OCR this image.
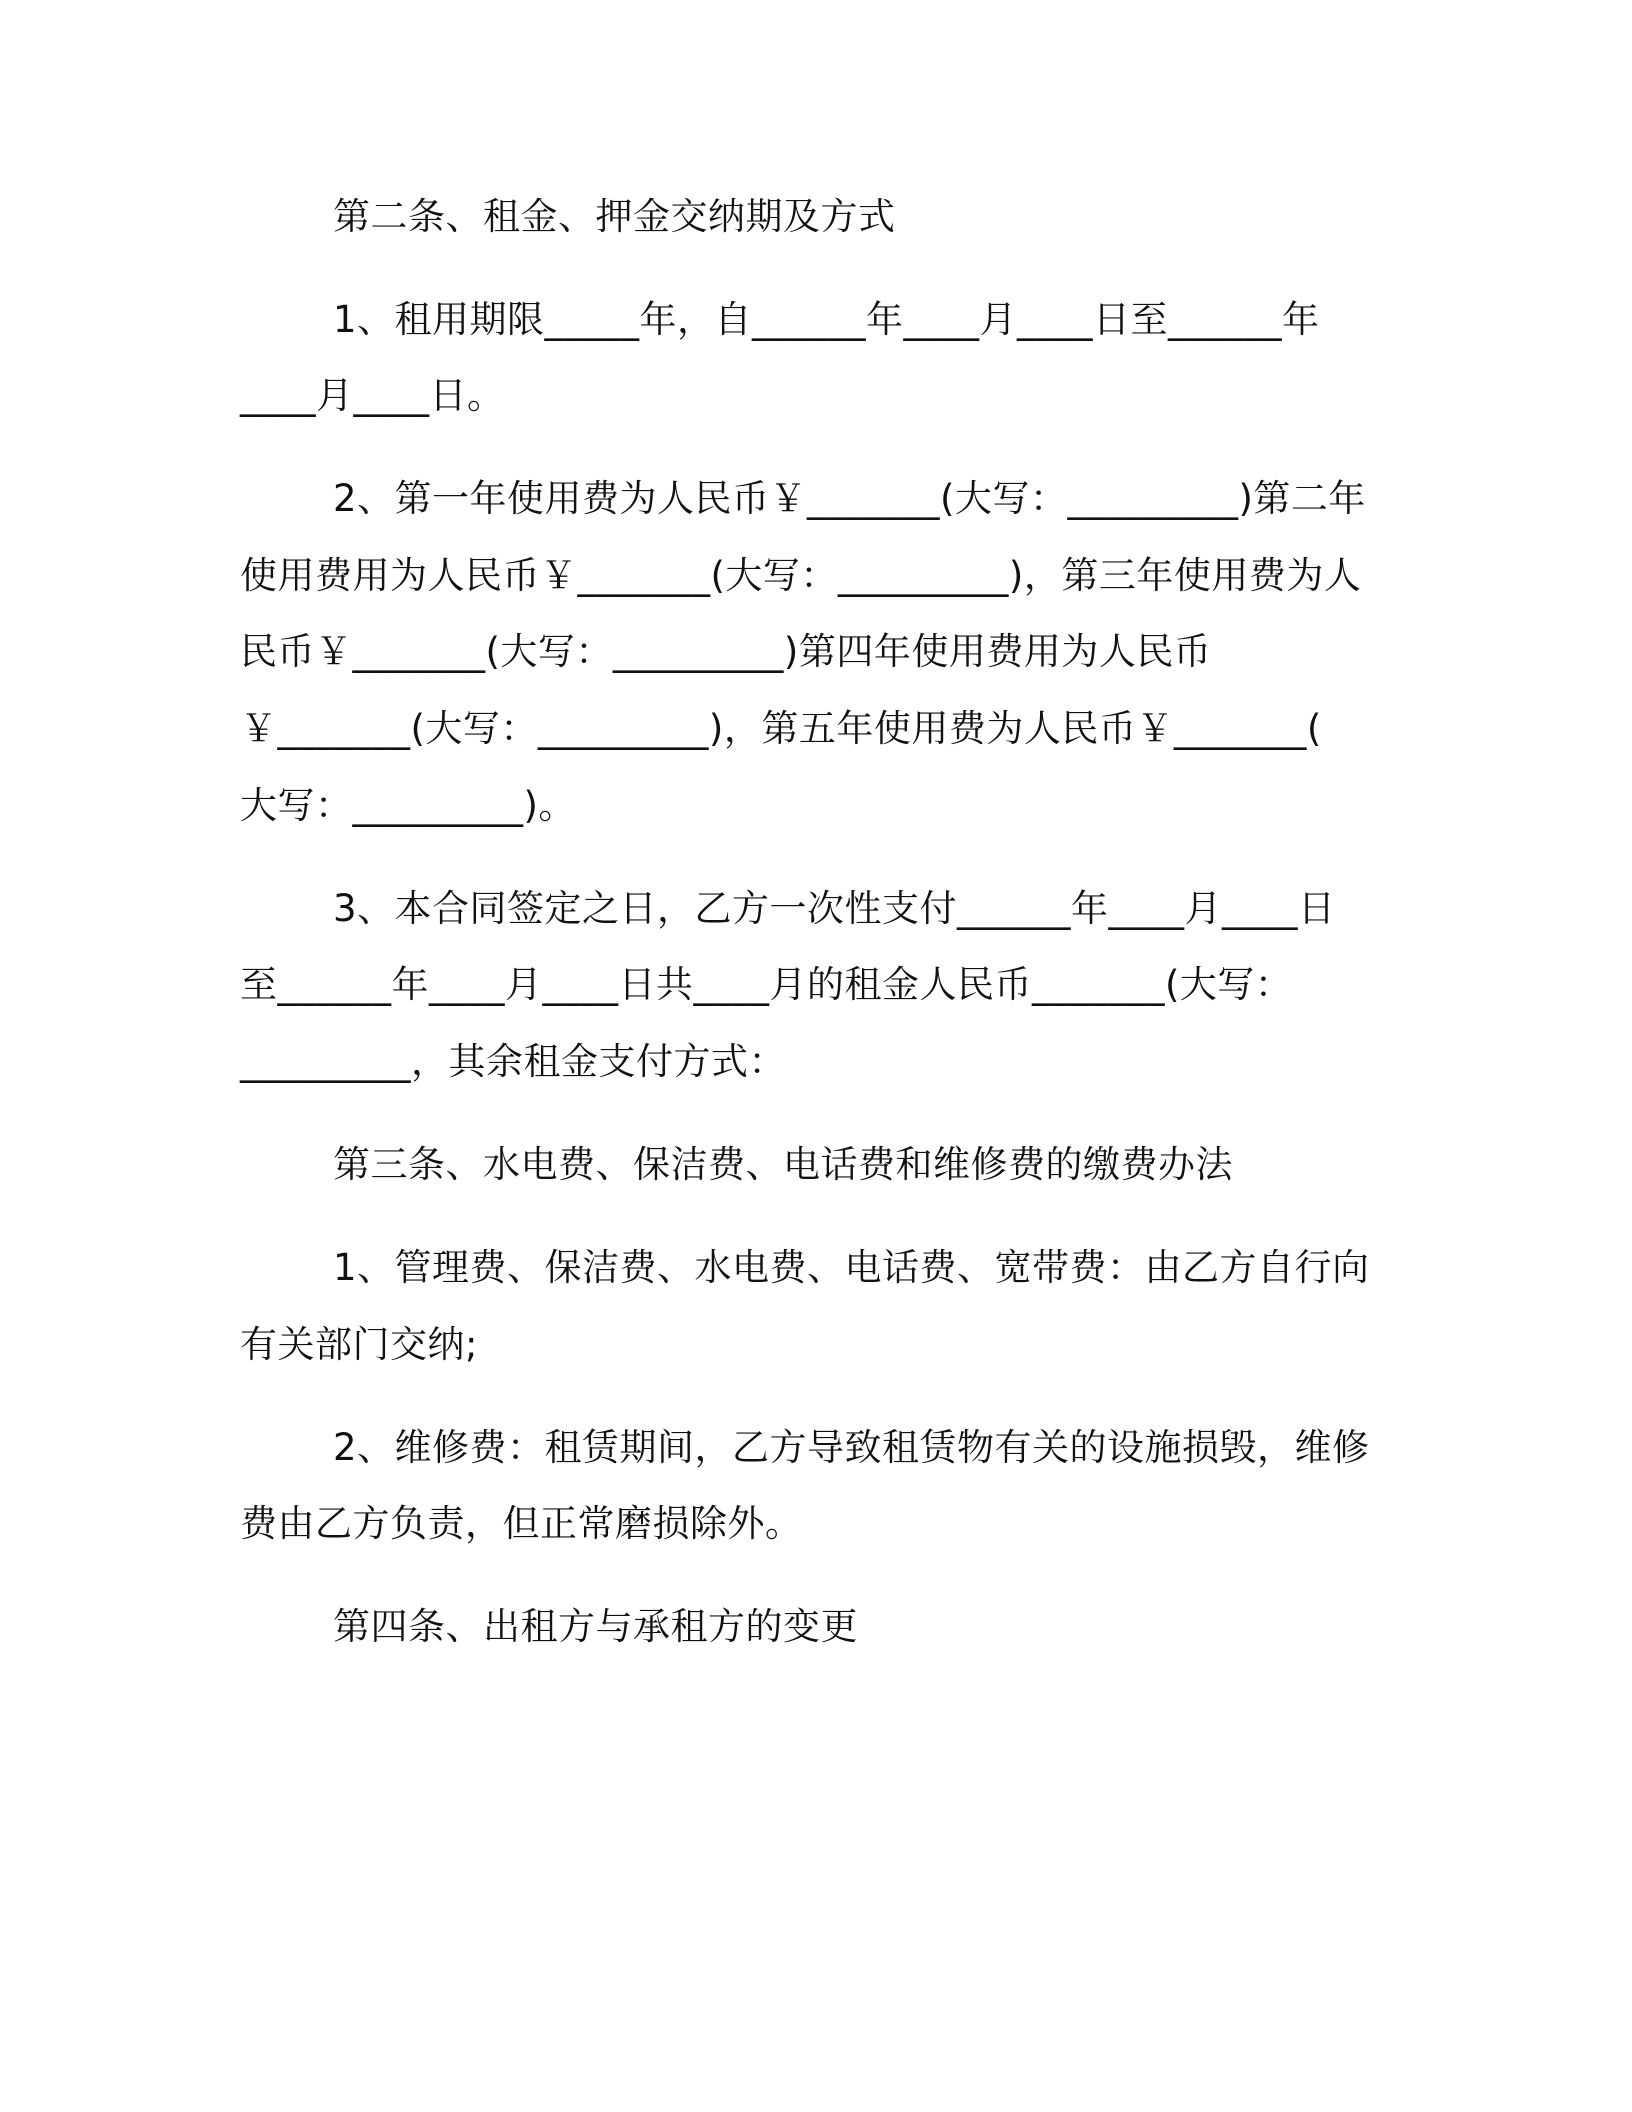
第二条、租金、押金交纳期及方式
1、租用期限_____年，自______年____月____日至______年
____月____日。
2、第一年使用费为人民币￥_______(大写：_________)第二年
使用费用为人民币￥_______(大写：_________)，第三年使用费为人
民币￥_______(大写：_________)第四年使用费用为人民币
￥_______(大写：_________)，第五年使用费为人民币￥_______(
大写：_________)。
3、本合同签定之日，乙方一次性支付______年____月____日
至______年____月____日共____月的租金人民币_______(大写：
_________，其余租金支付方式：
第三条、水电费、保洁费、电话费和维修费的缴费办法
1、管理费、保洁费、水电费、电话费、宽带费：由乙方自行向
有关部门交纳;
2、维修费：租赁期间，乙方导致租赁物有关的设施损毁，维修
费由乙方负责，但正常磨损除外。
第四条、出租方与承租方的变更
